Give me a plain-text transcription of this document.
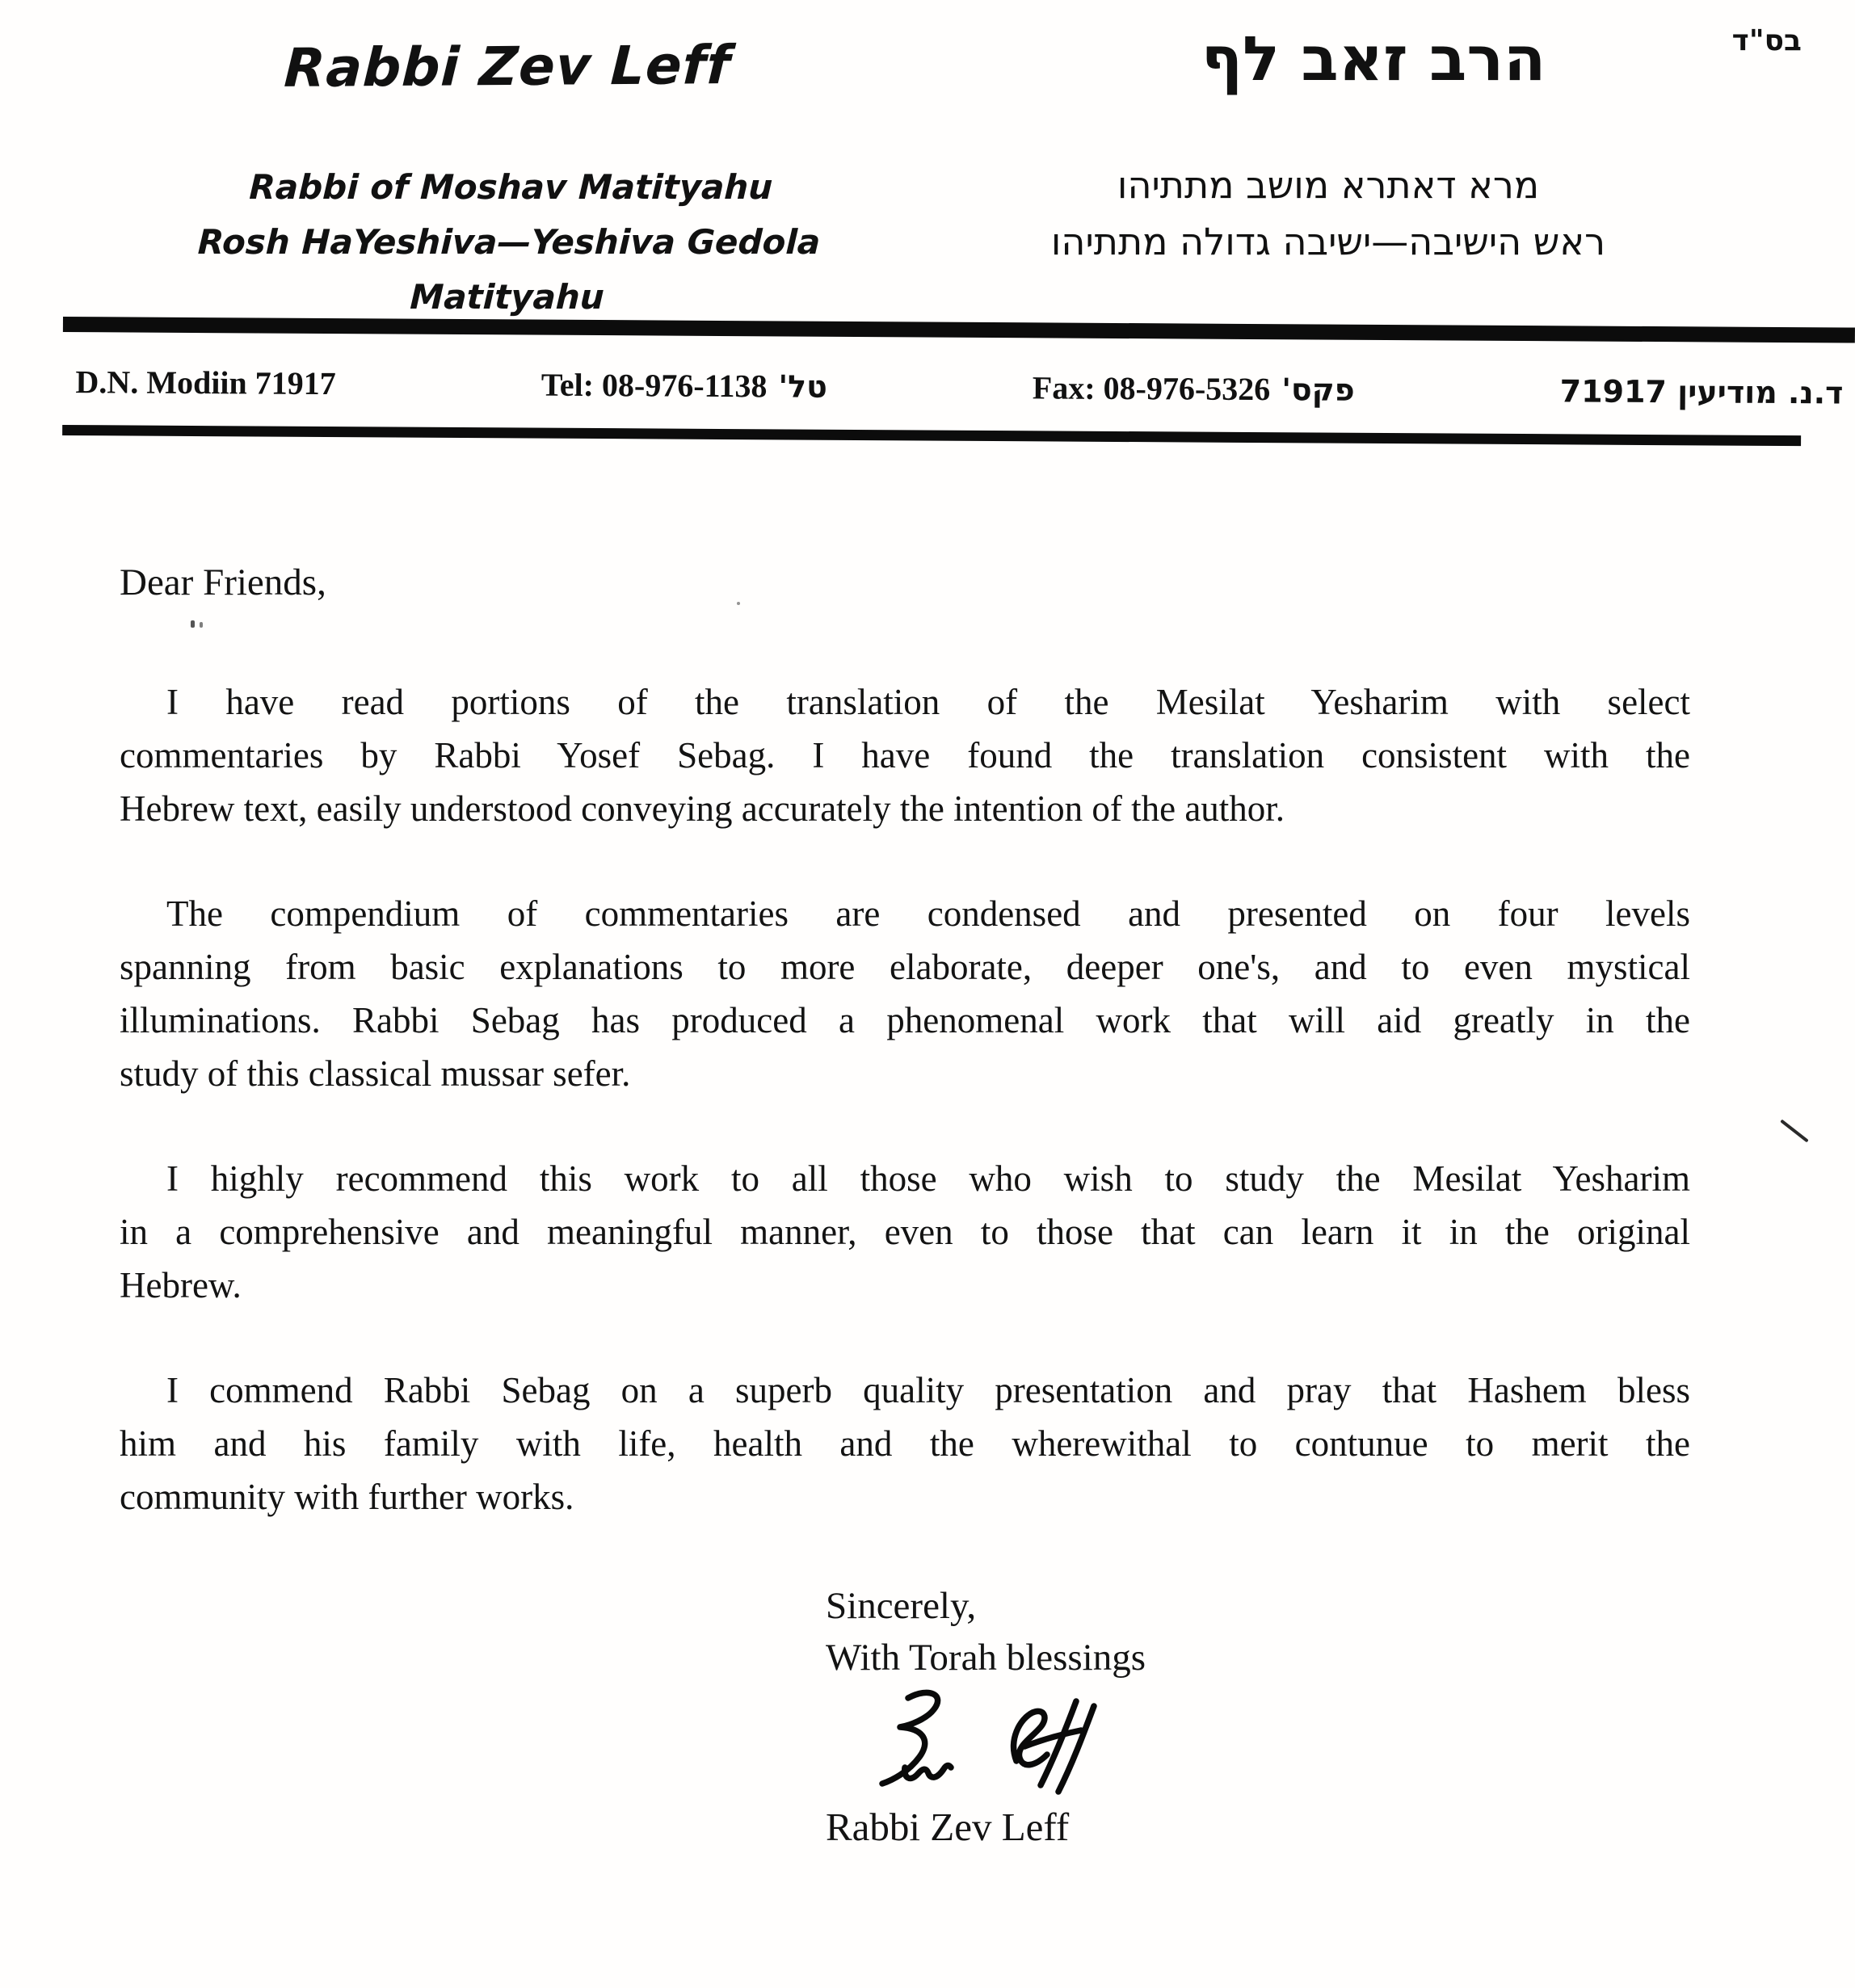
בס"ד
Rabbi Zev Leff	הרב זאב לף
Rabbi of Moshav Matityahu
Rosh HaYeshiva—Yeshiva Gedola Matityahu
מרא דאתרא מושב מתתיהו
ראש הישיבה—ישיבה גדולה מתתיהו
D.N. Modiin 71917	Tel: 08-976-1138 טל'	Fax: 08-976-5326 פקס'	ד.נ. מודיעין 71917
Dear Friends,
I have read portions of the translation of the Mesilat Yesharim with select
commentaries by Rabbi Yosef Sebag. I have found the translation consistent with the
Hebrew text, easily understood conveying accurately the intention of the author.
The compendium of commentaries are condensed and presented on four levels
spanning from basic explanations to more elaborate, deeper one's, and to even mystical
illuminations. Rabbi Sebag has produced a phenomenal work that will aid greatly in the
study of this classical mussar sefer.
I highly recommend this work to all those who wish to study the Mesilat Yesharim
in a comprehensive and meaningful manner, even to those that can learn it in the original
Hebrew.
I commend Rabbi Sebag on a superb quality presentation and pray that Hashem bless
him and his family with life, health and the wherewithal to contunue to merit the
community with further works.
Sincerely,
With Torah blessings
Rabbi Zev Leff
